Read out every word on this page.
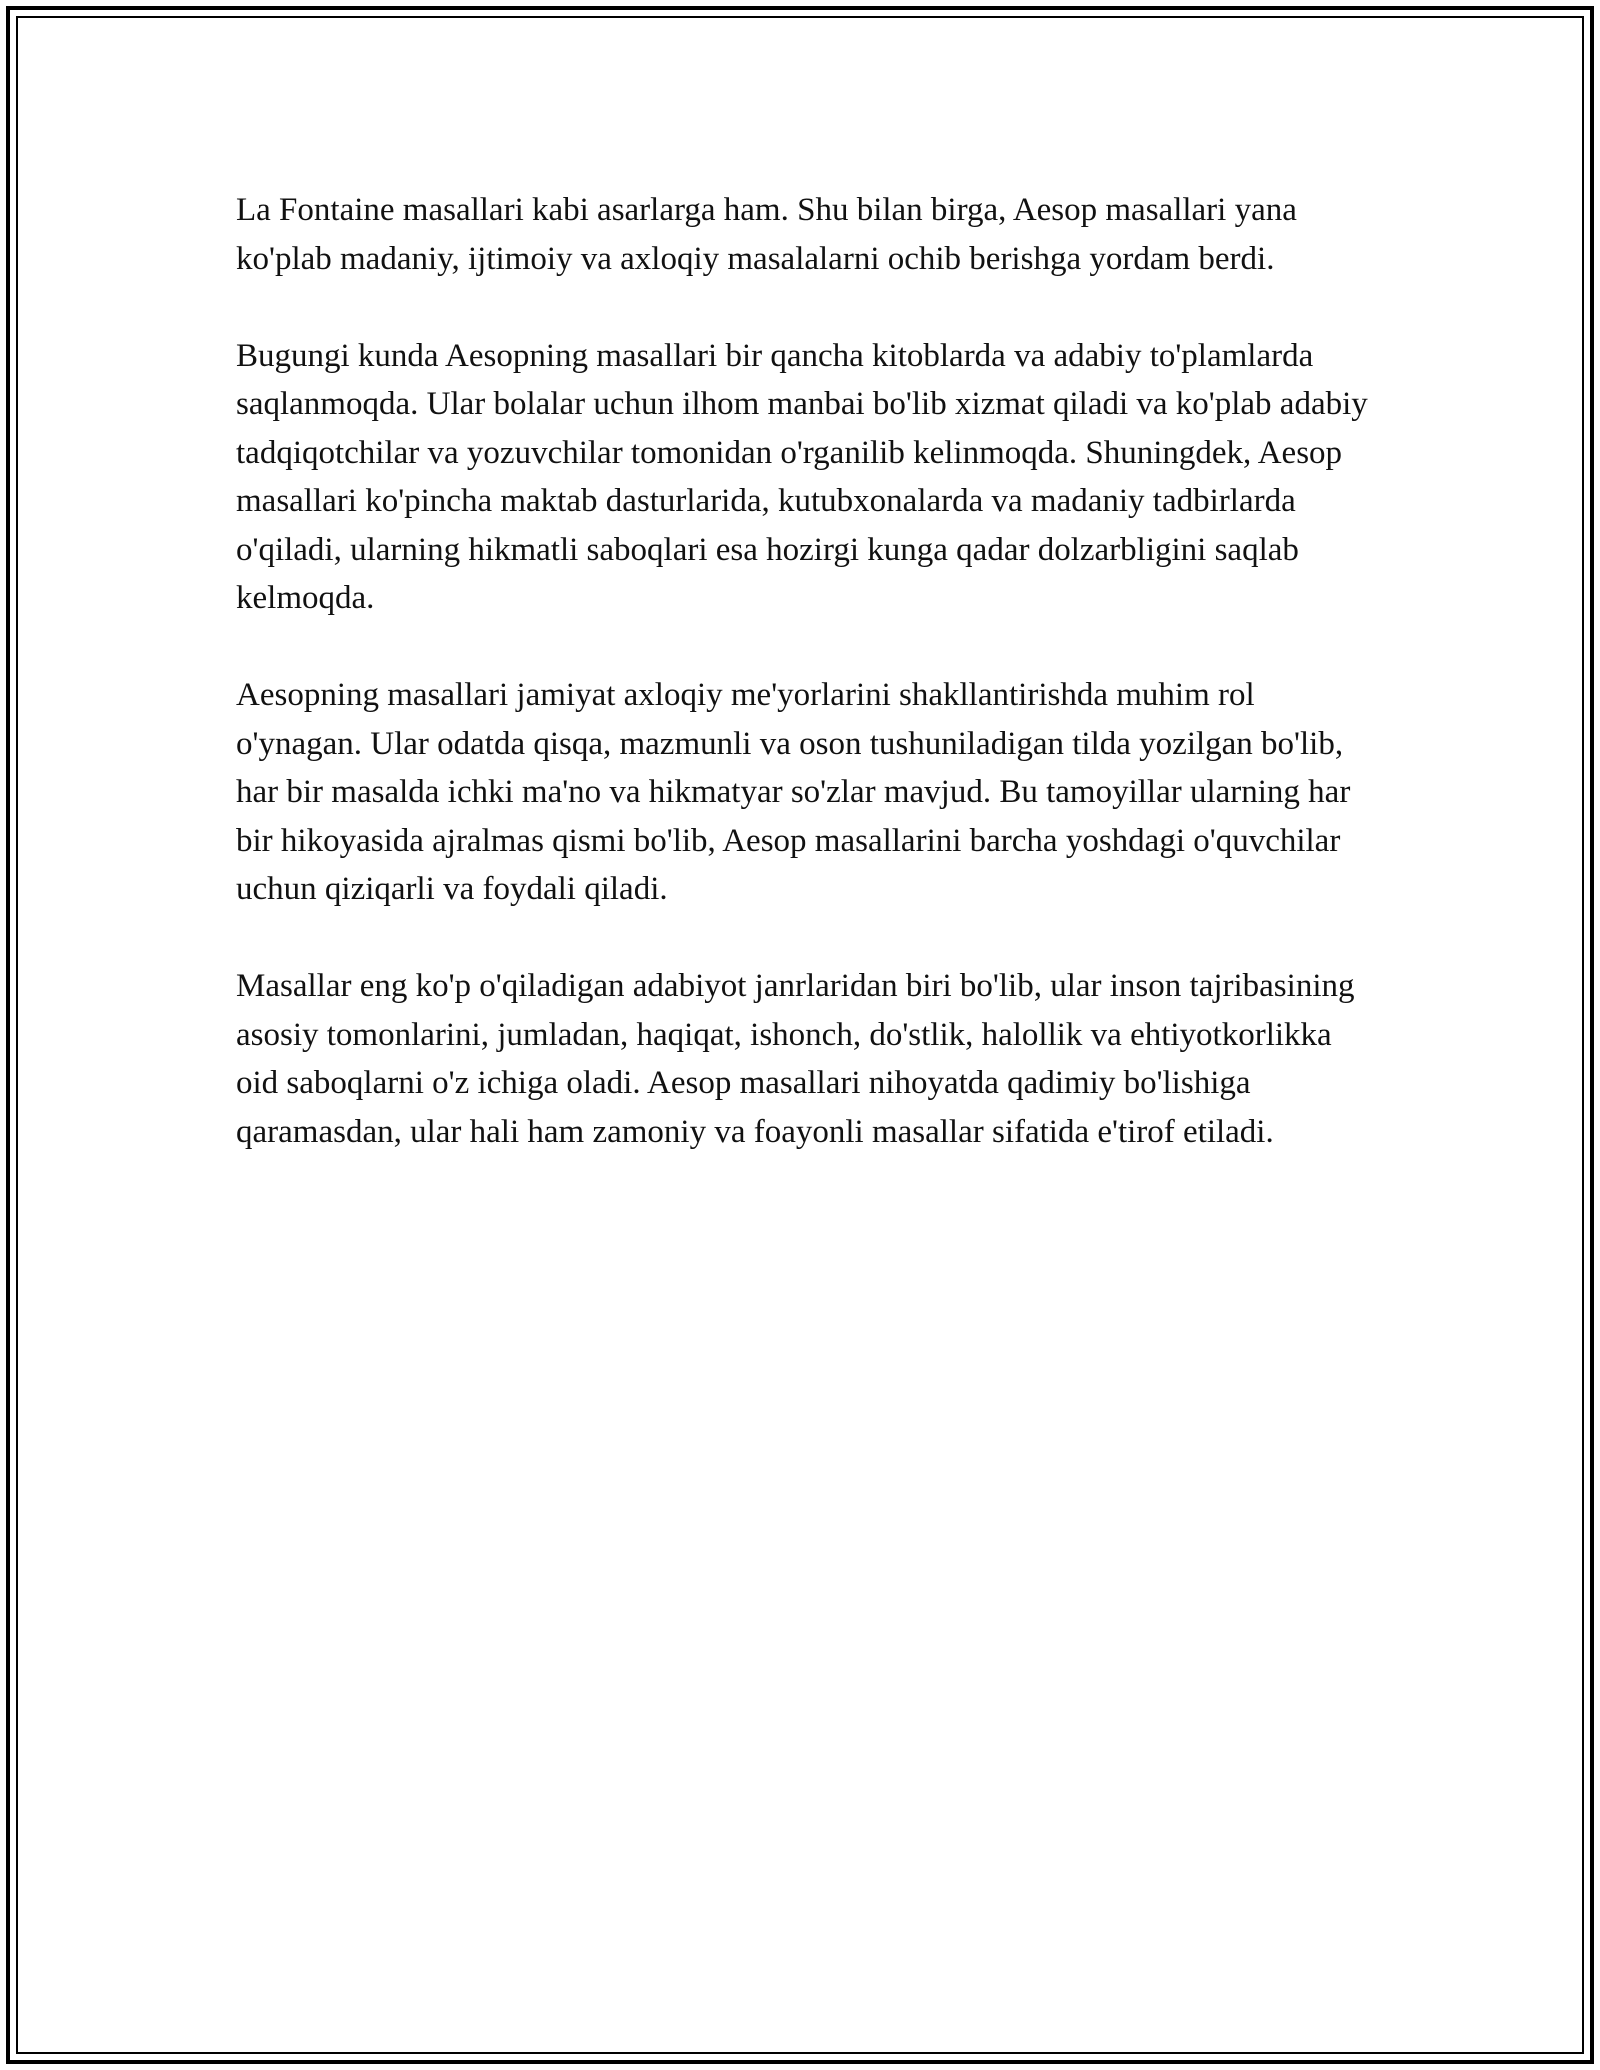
La Fontaine masallari kabi asarlarga ham. Shu bilan birga, Aesop masallari yana ko'plab madaniy, ijtimoiy va axloqiy masalalarni ochib berishga yordam berdi.

Bugungi kunda Aesopning masallari bir qancha kitoblarda va adabiy to'plamlarda saqlanmoqda. Ular bolalar uchun ilhom manbai bo'lib xizmat qiladi va ko'plab adabiy tadqiqotchilar va yozuvchilar tomonidan o'rganilib kelinmoqda. Shuningdek, Aesop masallari ko'pincha maktab dasturlarida, kutubxonalarda va madaniy tadbirlarda o'qiladi, ularning hikmatli saboqlari esa hozirgi kunga qadar dolzarbligini saqlab kelmoqda.

Aesopning masallari jamiyat axloqiy me'yorlarini shakllantirishda muhim rol o'ynagan. Ular odatda qisqa, mazmunli va oson tushuniladigan tilda yozilgan bo'lib, har bir masalda ichki ma'no va hikmatyar so'zlar mavjud. Bu tamoyillar ularning har bir hikoyasida ajralmas qismi bo'lib, Aesop masallarini barcha yoshdagi o'quvchilar uchun qiziqarli va foydali qiladi.

Masallar eng ko'p o'qiladigan adabiyot janrlaridan biri bo'lib, ular inson tajribasining asosiy tomonlarini, jumladan, haqiqat, ishonch, do'stlik, halollik va ehtiyotkorlikka oid saboqlarni o'z ichiga oladi. Aesop masallari nihoyatda qadimiy bo'lishiga qaramasdan, ular hali ham zamoniy va foayonli masallar sifatida e'tirof etiladi.
